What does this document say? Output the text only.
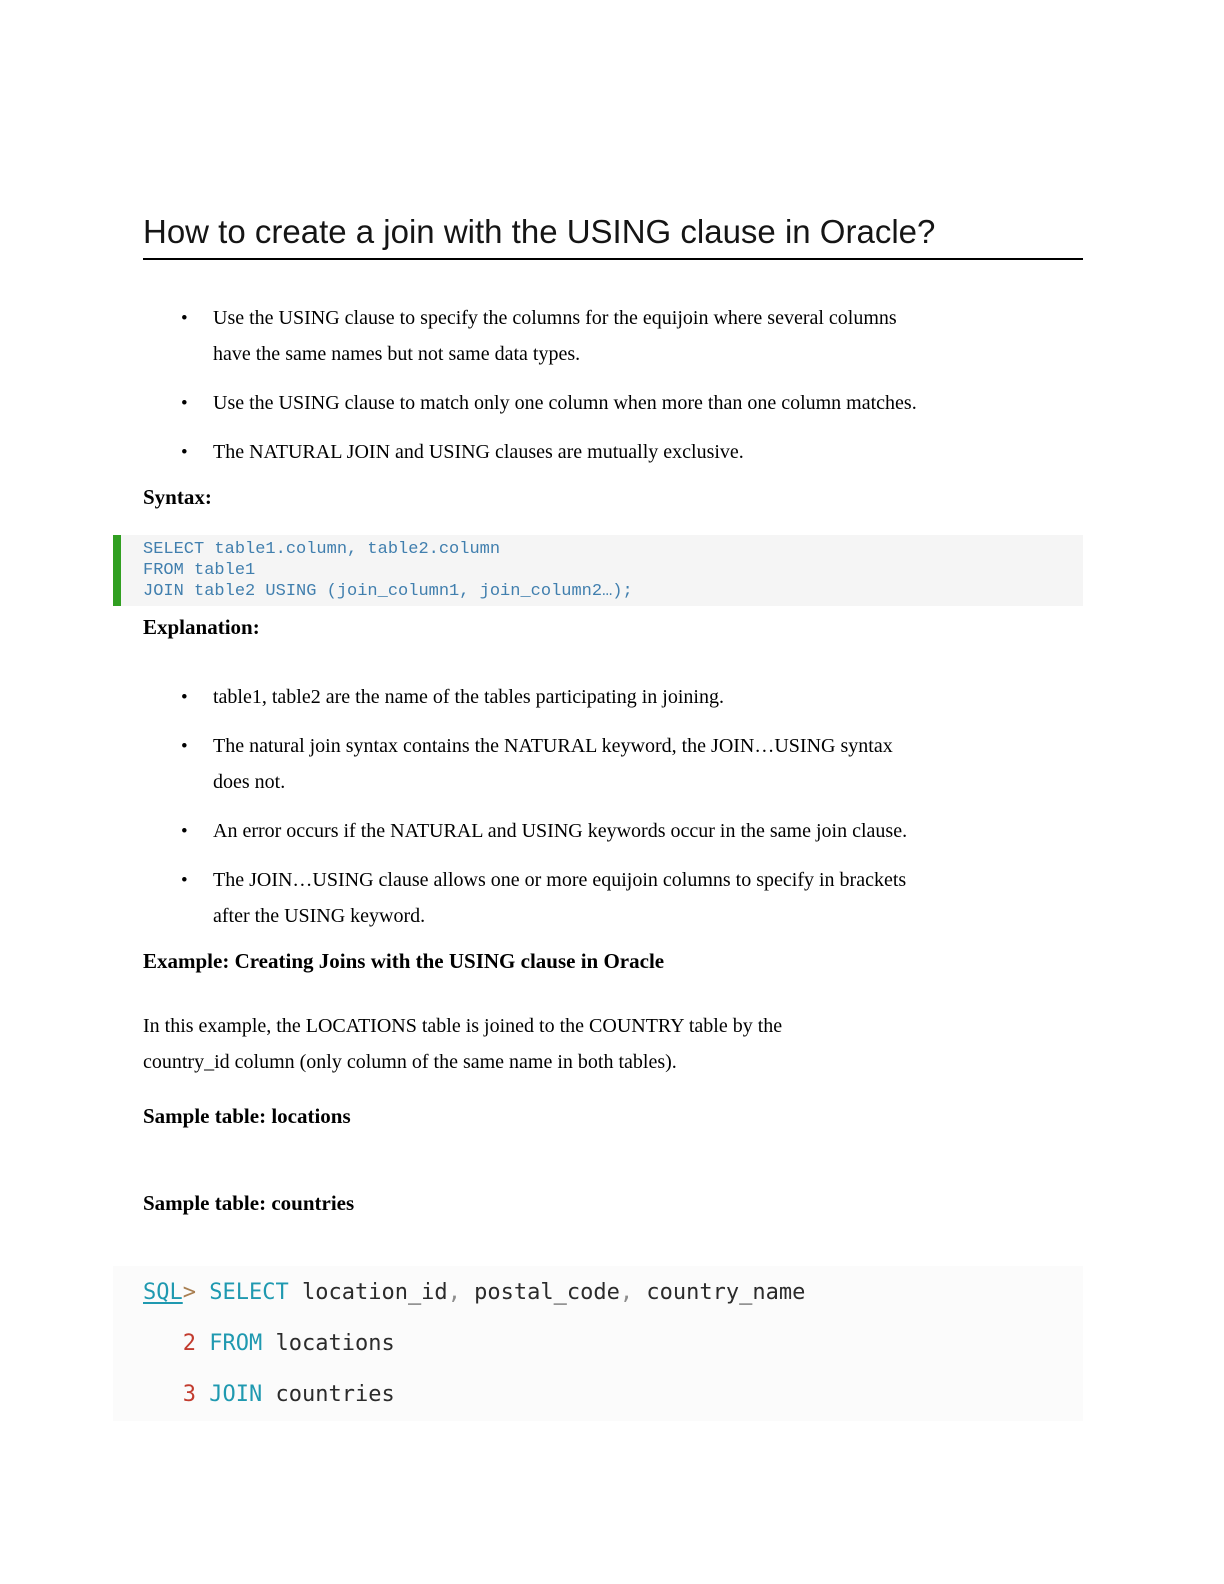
How to create a join with the USING clause in Oracle?
•
Use the USING clause to specify the columns for the equijoin where several columns
have the same names but not same data types.
•
Use the USING clause to match only one column when more than one column matches.
•
The NATURAL JOIN and USING clauses are mutually exclusive.
Syntax:
SELECT table1.column, table2.column
FROM table1
JOIN table2 USING (join_column1, join_column2…);
Explanation:
•
table1, table2 are the name of the tables participating in joining.
•
The natural join syntax contains the NATURAL keyword, the JOIN…USING syntax
does not.
•
An error occurs if the NATURAL and USING keywords occur in the same join clause.
•
The JOIN…USING clause allows one or more equijoin columns to specify in brackets
after the USING keyword.
Example: Creating Joins with the USING clause in Oracle

In this example, the LOCATIONS table is joined to the COUNTRY table by the
country_id column (only column of the same name in both tables).

Sample table: locations
Sample table: countries
SQL> SELECT location_id, postal_code, country_name
2 FROM locations
3 JOIN countries
